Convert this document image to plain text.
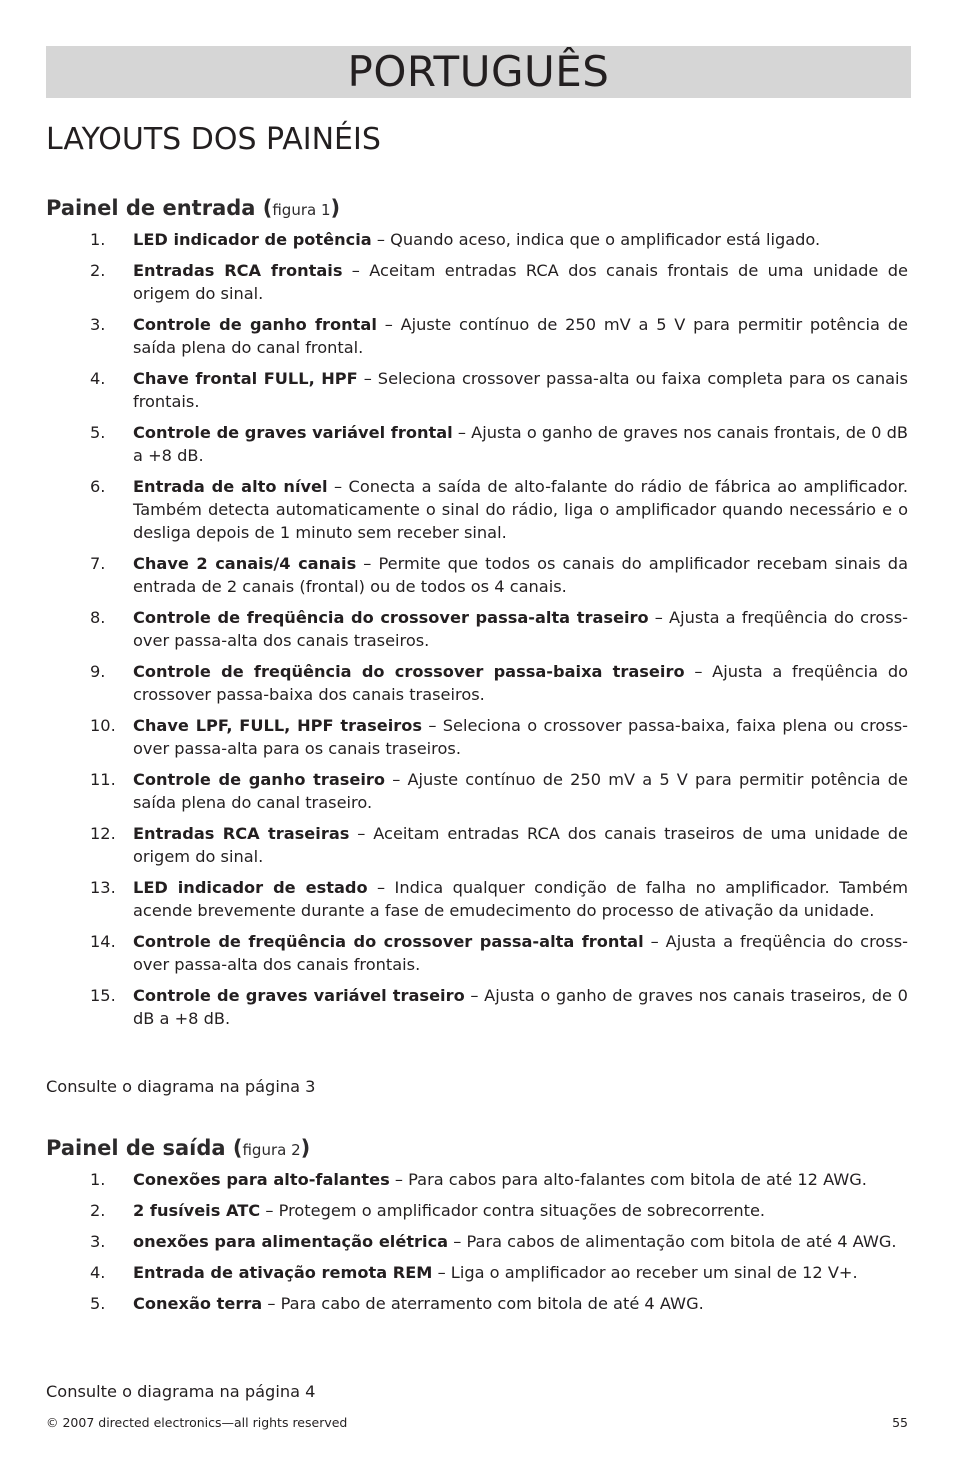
PORTUGUÊS
LAYOUTS DOS PAINÉIS
Painel de entrada (figura 1)
1. LED indicador de potência – Quando aceso, indica que o amplificador está ligado.
2. Entradas RCA frontais – Aceitam entradas RCA dos canais frontais de uma unidade de origem do sinal.
3. Controle de ganho frontal – Ajuste contínuo de 250 mV a 5 V para permitir potência de saída plena do canal frontal.
4. Chave frontal FULL, HPF – Seleciona crossover passa-alta ou faixa completa para os canais frontais.
5. Controle de graves variável frontal – Ajusta o ganho de graves nos canais frontais, de 0 dB a +8 dB.
6. Entrada de alto nível – Conecta a saída de alto-falante do rádio de fábrica ao amplificador. Também detecta automaticamente o sinal do rádio, liga o amplificador quando necessário e o desliga depois de 1 minuto sem receber sinal.
7. Chave 2 canais/4 canais – Permite que todos os canais do amplificador recebam sinais da entrada de 2 canais (frontal) ou de todos os 4 canais.
8. Controle de freqüência do crossover passa-alta traseiro – Ajusta a freqüência do crossover passa-alta dos canais traseiros.
9. Controle de freqüência do crossover passa-baixa traseiro – Ajusta a freqüência do crossover passa-baixa dos canais traseiros.
10. Chave LPF, FULL, HPF traseiros – Seleciona o crossover passa-baixa, faixa plena ou crossover passa-alta para os canais traseiros.
11. Controle de ganho traseiro – Ajuste contínuo de 250 mV a 5 V para permitir potência de saída plena do canal traseiro.
12. Entradas RCA traseiras – Aceitam entradas RCA dos canais traseiros de uma unidade de origem do sinal.
13. LED indicador de estado – Indica qualquer condição de falha no amplificador. Também acende brevemente durante a fase de emudecimento do processo de ativação da unidade.
14. Controle de freqüência do crossover passa-alta frontal – Ajusta a freqüência do crossover passa-alta dos canais frontais.
15. Controle de graves variável traseiro – Ajusta o ganho de graves nos canais traseiros, de 0 dB a +8 dB.
Consulte o diagrama na página 3
Painel de saída (figura 2)
1. Conexões para alto-falantes – Para cabos para alto-falantes com bitola de até 12 AWG.
2. 2 fusíveis ATC – Protegem o amplificador contra situações de sobrecorrente.
3. onexões para alimentação elétrica – Para cabos de alimentação com bitola de até 4 AWG.
4. Entrada de ativação remota REM – Liga o amplificador ao receber um sinal de 12 V+.
5. Conexão terra – Para cabo de aterramento com bitola de até 4 AWG.
Consulte o diagrama na página 4
© 2007 directed electronics—all rights reserved	55
